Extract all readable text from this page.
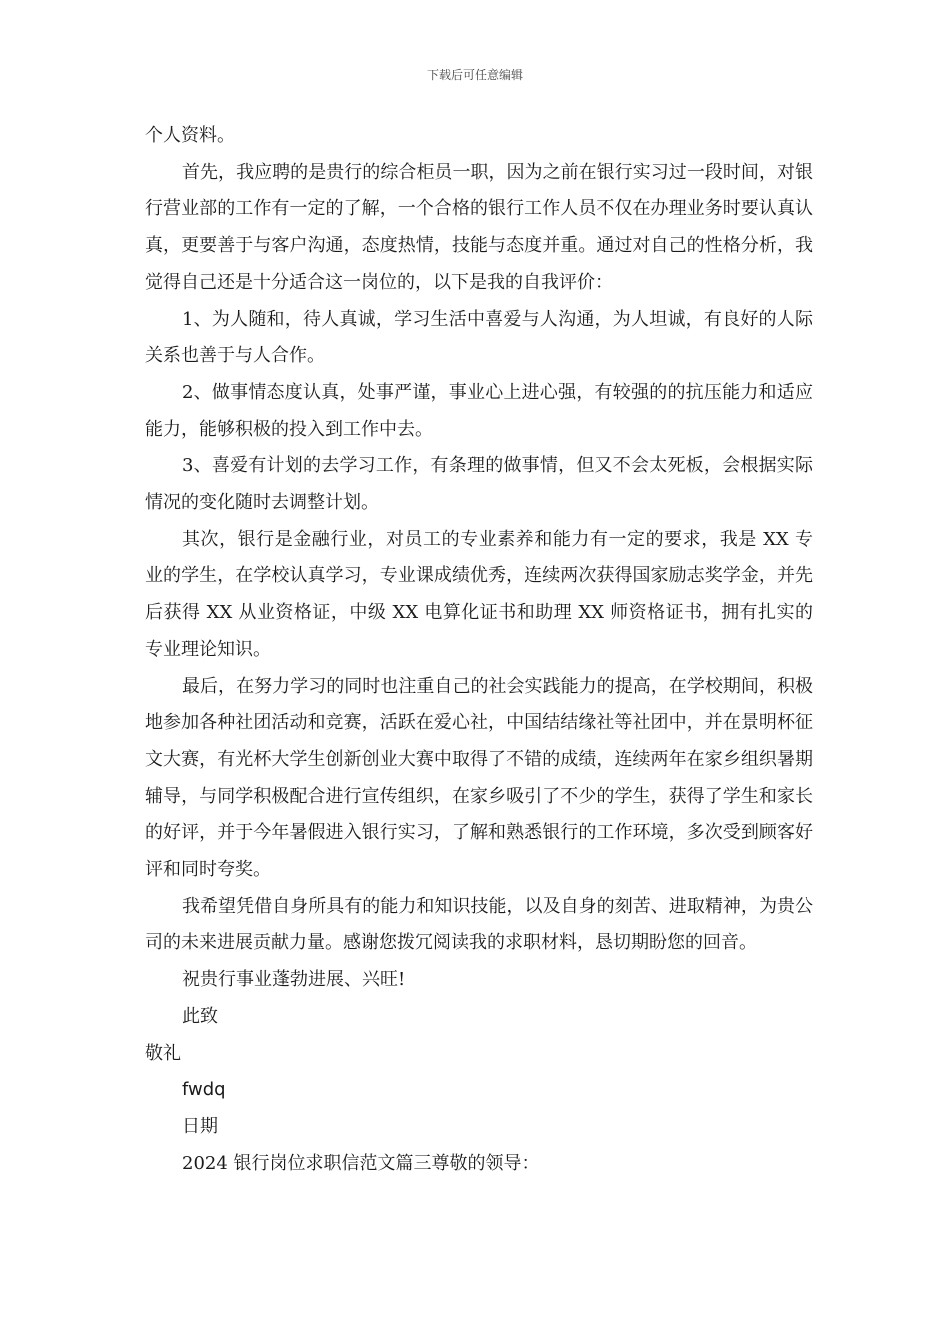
下载后可任意编辑

个人资料。

首先，我应聘的是贵行的综合柜员一职，因为之前在银行实习过一段时间，对银行营业部的工作有一定的了解，一个合格的银行工作人员不仅在办理业务时要认真认真，更要善于与客户沟通，态度热情，技能与态度并重。通过对自己的性格分析，我觉得自己还是十分适合这一岗位的，以下是我的自我评价：

1、为人随和，待人真诚，学习生活中喜爱与人沟通，为人坦诚，有良好的人际关系也善于与人合作。

2、做事情态度认真，处事严谨，事业心上进心强，有较强的的抗压能力和适应能力，能够积极的投入到工作中去。

3、喜爱有计划的去学习工作，有条理的做事情，但又不会太死板，会根据实际情况的变化随时去调整计划。

其次，银行是金融行业，对员工的专业素养和能力有一定的要求，我是 XX 专业的学生，在学校认真学习，专业课成绩优秀，连续两次获得国家励志奖学金，并先后获得 XX 从业资格证，中级 XX 电算化证书和助理 XX 师资格证书，拥有扎实的专业理论知识。

最后，在努力学习的同时也注重自己的社会实践能力的提高，在学校期间，积极地参加各种社团活动和竞赛，活跃在爱心社，中国结结缘社等社团中，并在景明杯征文大赛，有光杯大学生创新创业大赛中取得了不错的成绩，连续两年在家乡组织暑期辅导，与同学积极配合进行宣传组织，在家乡吸引了不少的学生，获得了学生和家长的好评，并于今年暑假进入银行实习，了解和熟悉银行的工作环境，多次受到顾客好评和同时夸奖。

我希望凭借自身所具有的能力和知识技能，以及自身的刻苦、进取精神，为贵公司的未来进展贡献力量。感谢您拨冗阅读我的求职材料，恳切期盼您的回音。

祝贵行事业蓬勃进展、兴旺!

此致

敬礼

fwdq

日期

2024 银行岗位求职信范文篇三尊敬的领导：
